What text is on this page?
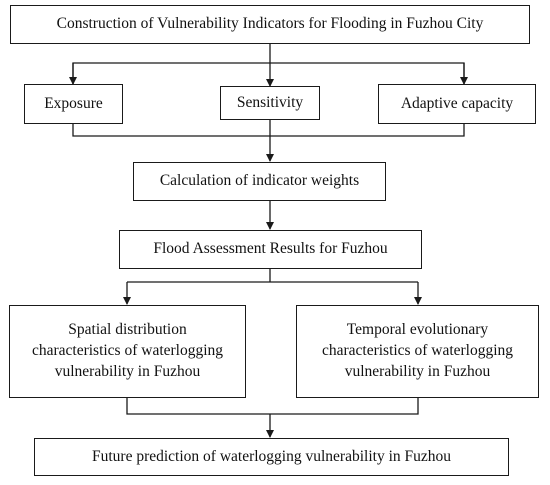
Construction of Vulnerability Indicators for Flooding in Fuzhou City
Exposure	Sensitivity	Adaptive capacity
Calculation of indicator weights
Flood Assessment Results for Fuzhou
Spatial distribution characteristics of waterlogging vulnerability in Fuzhou
Temporal evolutionary characteristics of waterlogging vulnerability in Fuzhou
Future prediction of waterlogging vulnerability in Fuzhou
